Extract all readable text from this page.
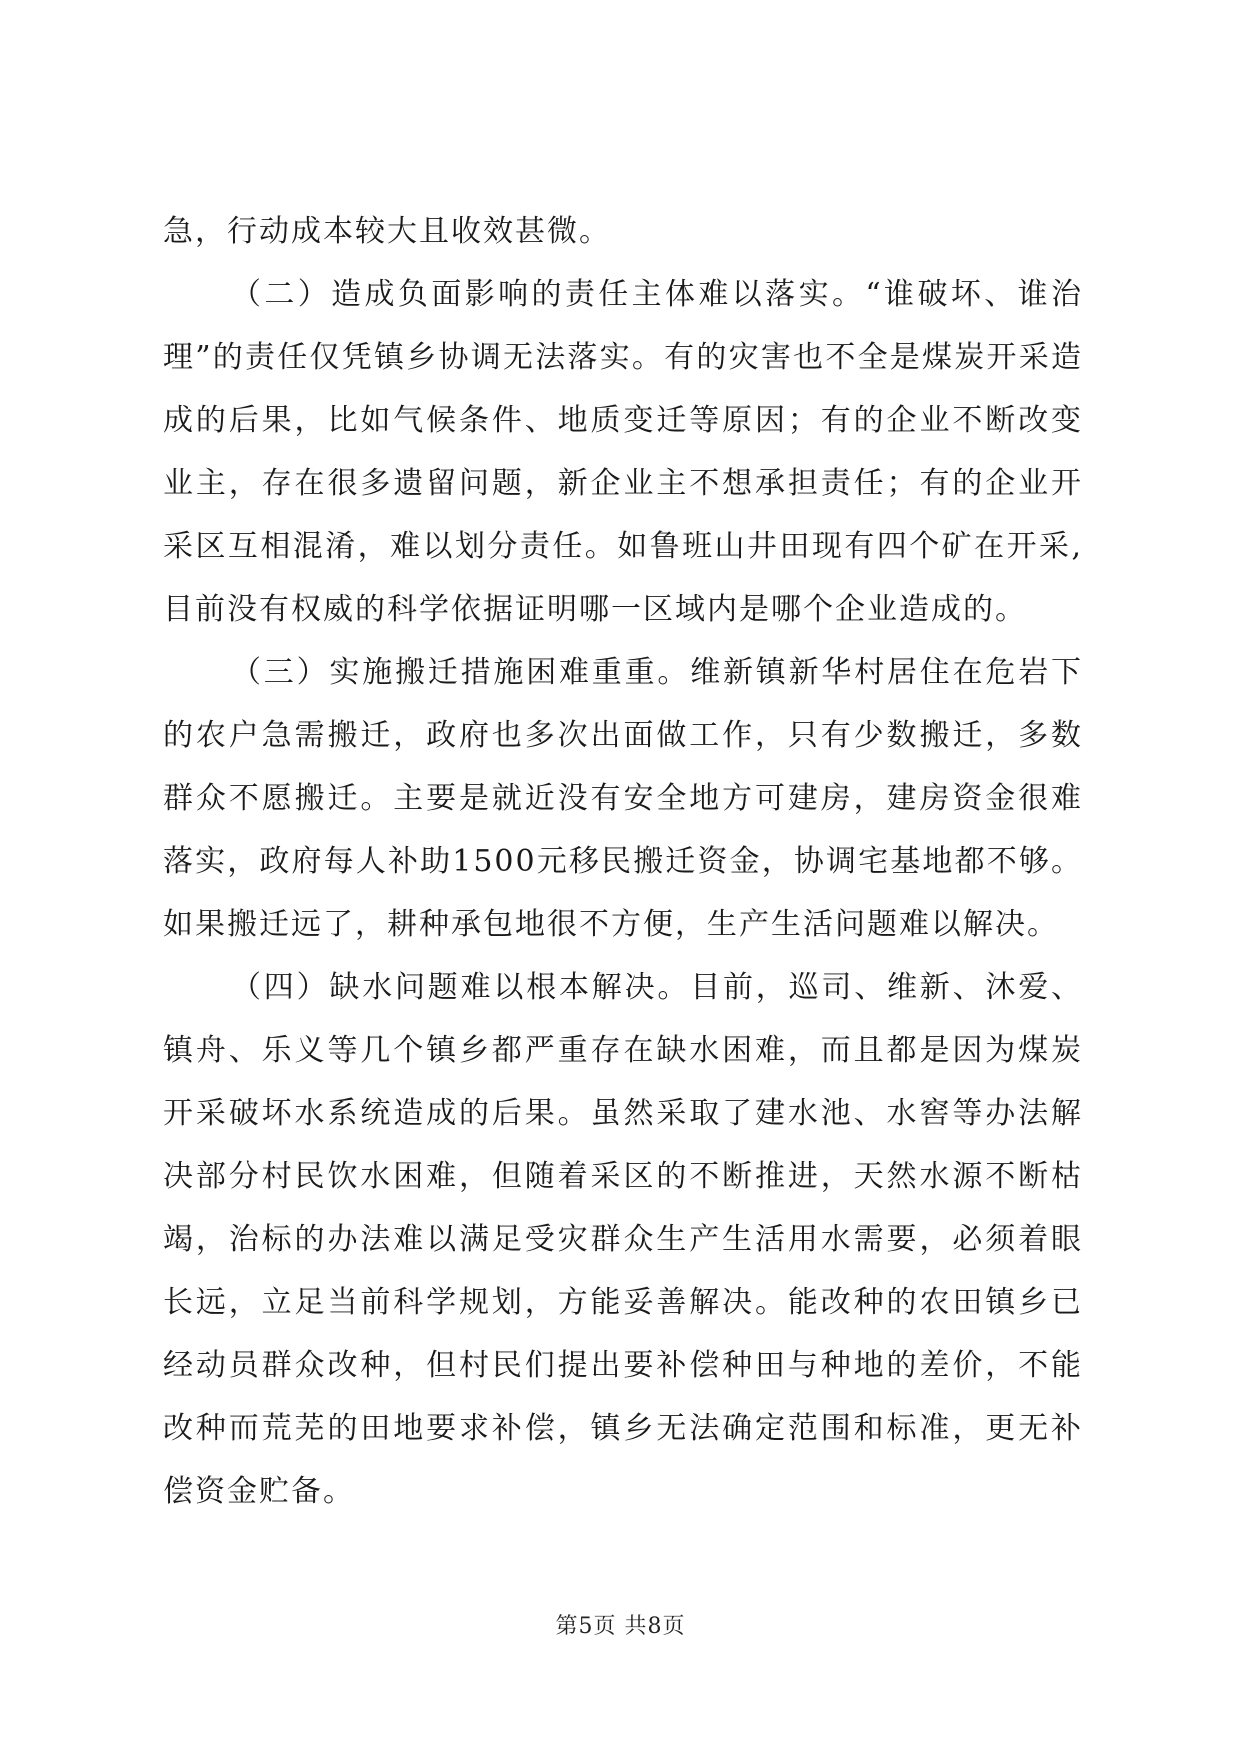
急，行动成本较大且收效甚微。

（二）造成负面影响的责任主体难以落实。“谁破坏、谁治理”的责任仅凭镇乡协调无法落实。有的灾害也不全是煤炭开采造成的后果，比如气候条件、地质变迁等原因；有的企业不断改变业主，存在很多遗留问题，新企业主不想承担责任；有的企业开采区互相混淆，难以划分责任。如鲁班山井田现有四个矿在开采,目前没有权威的科学依据证明哪一区域内是哪个企业造成的。

（三）实施搬迁措施困难重重。维新镇新华村居住在危岩下的农户急需搬迁，政府也多次出面做工作，只有少数搬迁，多数群众不愿搬迁。主要是就近没有安全地方可建房，建房资金很难落实，政府每人补助1500元移民搬迁资金，协调宅基地都不够。如果搬迁远了，耕种承包地很不方便，生产生活问题难以解决。

（四）缺水问题难以根本解决。目前，巡司、维新、沐爱、镇舟、乐义等几个镇乡都严重存在缺水困难，而且都是因为煤炭开采破坏水系统造成的后果。虽然采取了建水池、水窖等办法解决部分村民饮水困难，但随着采区的不断推进，天然水源不断枯竭，治标的办法难以满足受灾群众生产生活用水需要，必须着眼长远，立足当前科学规划，方能妥善解决。能改种的农田镇乡已经动员群众改种，但村民们提出要补偿种田与种地的差价，不能改种而荒芜的田地要求补偿，镇乡无法确定范围和标准，更无补偿资金贮备。

第5页 共8页
